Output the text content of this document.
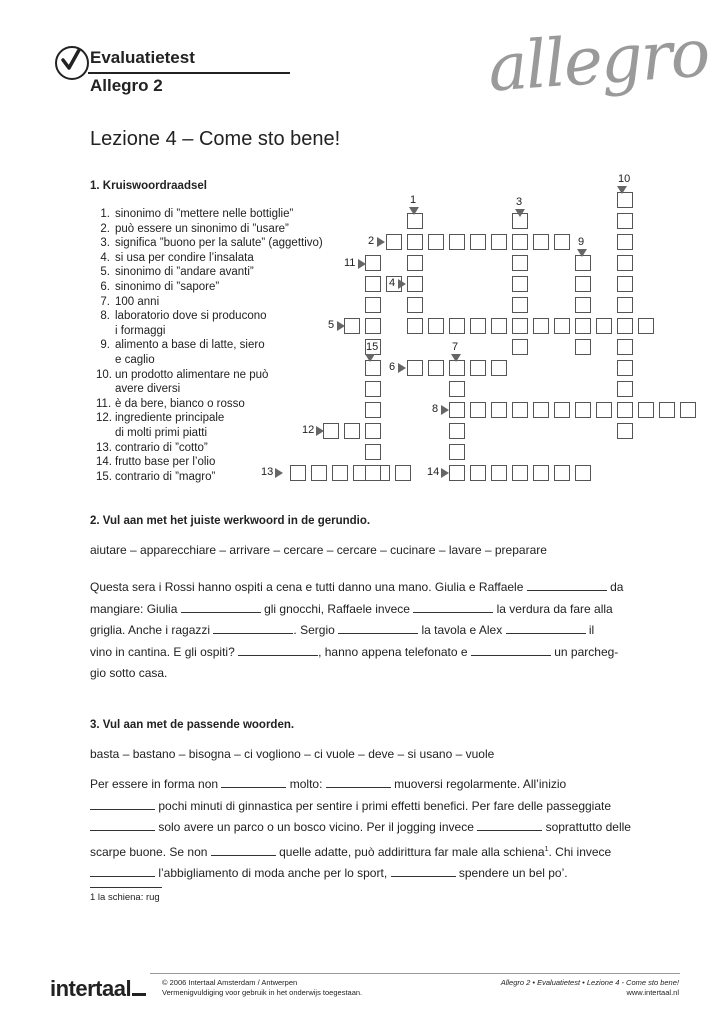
Evaluatietest
Allegro 2	allegro
Lezione 4 – Come sto bene!
1. Kruiswoordraadsel
1. sinonimo di ”mettere nelle bottiglie”
2. può essere un sinonimo di ”usare”
3. significa ”buono per la salute” (aggettivo)
4. si usa per condire l’insalata
5. sinonimo di ”andare avanti”
6. sinonimo di ”sapore”
7. 100 anni
8. laboratorio dove si producono
i formaggi
9. alimento a base di latte, siero
e caglio
10. un prodotto alimentare ne può
avere diversi
11. è da bere, bianco o rosso
12. ingrediente principale
di molti primi piatti
13. contrario di ”cotto”
14. frutto base per l’olio
15. contrario di ”magro”
1
2
3
4
5
6
7
8
9
10
11
12
13	14
15
2. Vul aan met het juiste werkwoord in de gerundio.
aiutare – apparecchiare – arrivare – cercare – cercare – cucinare – lavare – preparare
Questa sera i Rossi hanno ospiti a cena e tutti danno una mano. Giulia e Raffaele	da
mangiare: Giulia	gli gnocchi, Raffaele invece	la verdura da fare alla
griglia. Anche i ragazzi	. Sergio	la tavola e Alex	il
vino in cantina. E gli ospiti?	, hanno appena telefonato e	un parcheg-
gio sotto casa.
3. Vul aan met de passende woorden.
basta – bastano – bisogna – ci vogliono – ci vuole – deve – si usano – vuole
Per essere in forma non	molto:	muoversi regolarmente. All’inizio
pochi minuti di ginnastica per sentire i primi effetti benefici. Per fare delle passeggiate
solo avere un parco o un bosco vicino. Per il jogging invece	soprattutto delle
scarpe buone. Se non	quelle adatte, può addirittura far male alla schiena$^1$. Chi invece
l’abbigliamento di moda anche per lo sport,	spendere un bel po’.
1 la schiena: rug
intertaal	© 2006 Intertaal Amsterdam / Antwerpen
Vermenigvuldiging voor gebruik in het onderwijs toegestaan.
Allegro 2 • Evaluatietest • Lezione 4 - Come sto bene!
www.intertaal.nl
